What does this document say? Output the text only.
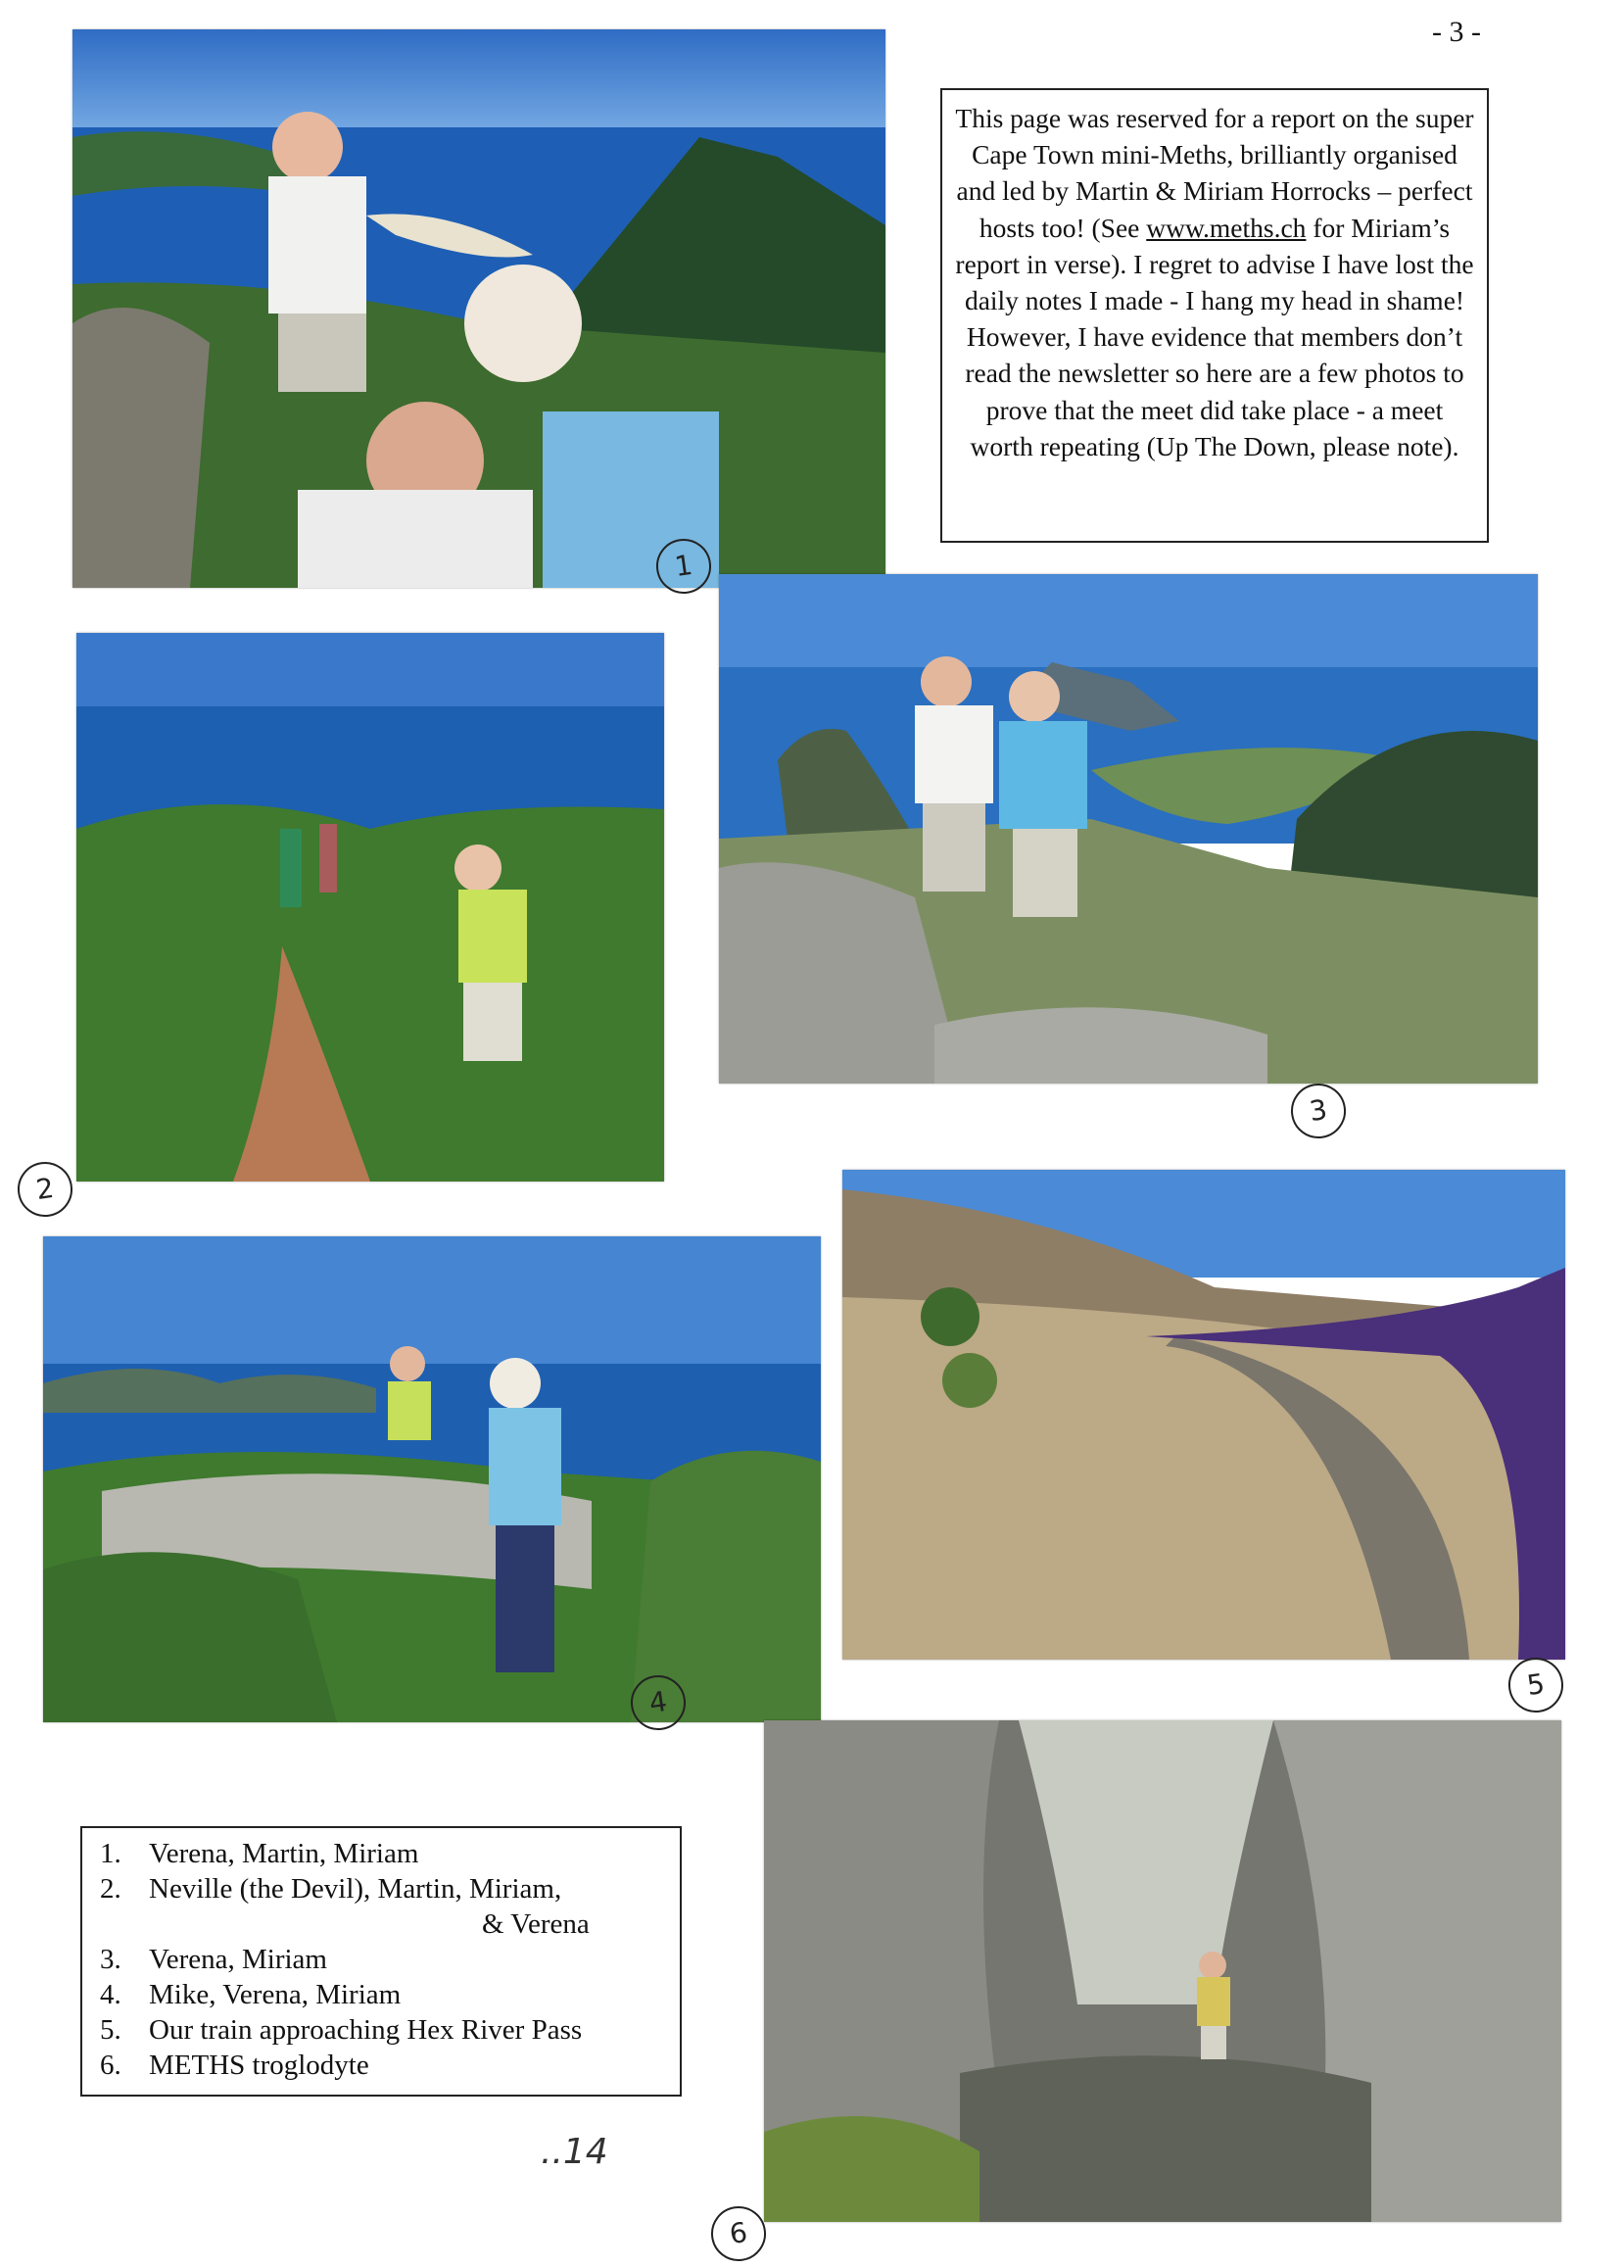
- 3 -
1

This page was reserved for a report on the super Cape Town mini-Meths, brilliantly organised and led by Martin & Miriam Horrocks – perfect hosts too! (See www.meths.ch for Miriam’s report in verse). I regret to advise I have lost the daily notes I made - I hang my head in shame! However, I have evidence that members don’t read the newsletter so here are a few photos to prove that the meet did take place - a meet worth repeating (Up The Down, please note).

2
3
4
5
6
1. Verena, Martin, Miriam
2. Neville (the Devil), Martin, Miriam,
& Verena
3. Verena, Miriam
4. Mike, Verena, Miriam
5. Our train approaching Hex River Pass
6. METHS troglodyte
..14
